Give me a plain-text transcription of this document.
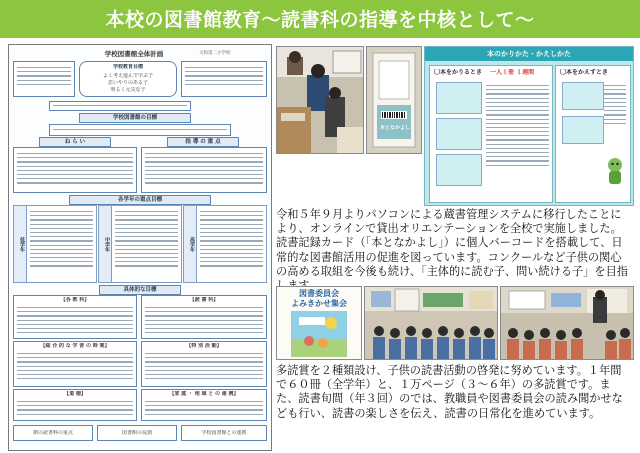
本校の図書館教育〜読書科の指導を中核として〜
学校図書館全体計画	大和第二小学校
学校教育目標
よく考え進んで学ぶ子
思いやりのある子
明るく元気な子
学校図書館の目標
ね ら い	指 導 の 重 点
各学年の重点目標
低学年	中学年	高学年
具体的な目標
【各 教 科】	【読 書 科】
【総 合 的 な 学 習 の 時 間】	【特 別 活 動】
【道 徳】	【家 庭 ・ 地 域 と の 連 携】
朝の読書科の重点	図書館の役割	学校図書館との連携
本となかよし
本のかりかた・かえしかた
〇本をかりるとき 一人１冊 １週間	〇本をかえすとき
令和５年９月よりパソコンによる蔵書管理システムに移行したことにより、オンラインで貸出オリエンテーションを全校で実施しました。読書記録カード（「本となかよし」）に個人バーコードを搭載して、日常的な図書館活用の促進を図っています。コンクールなど子供の関心の高める取組を今後も続け、「主体的に読む子、問い続ける子」を目指
図書委員会
よみきかせ集会
多読賞を２種類設け、子供の読書活動の啓発に努めています。１年間で６０冊（全学年）と、１万ページ（３〜６年）の多読賞です。また、読書旬間（年３回）のでは、教職員や図書委員会の読み聞かせなども行い、読書の楽しさを伝え、読書の日常化を進めています。
